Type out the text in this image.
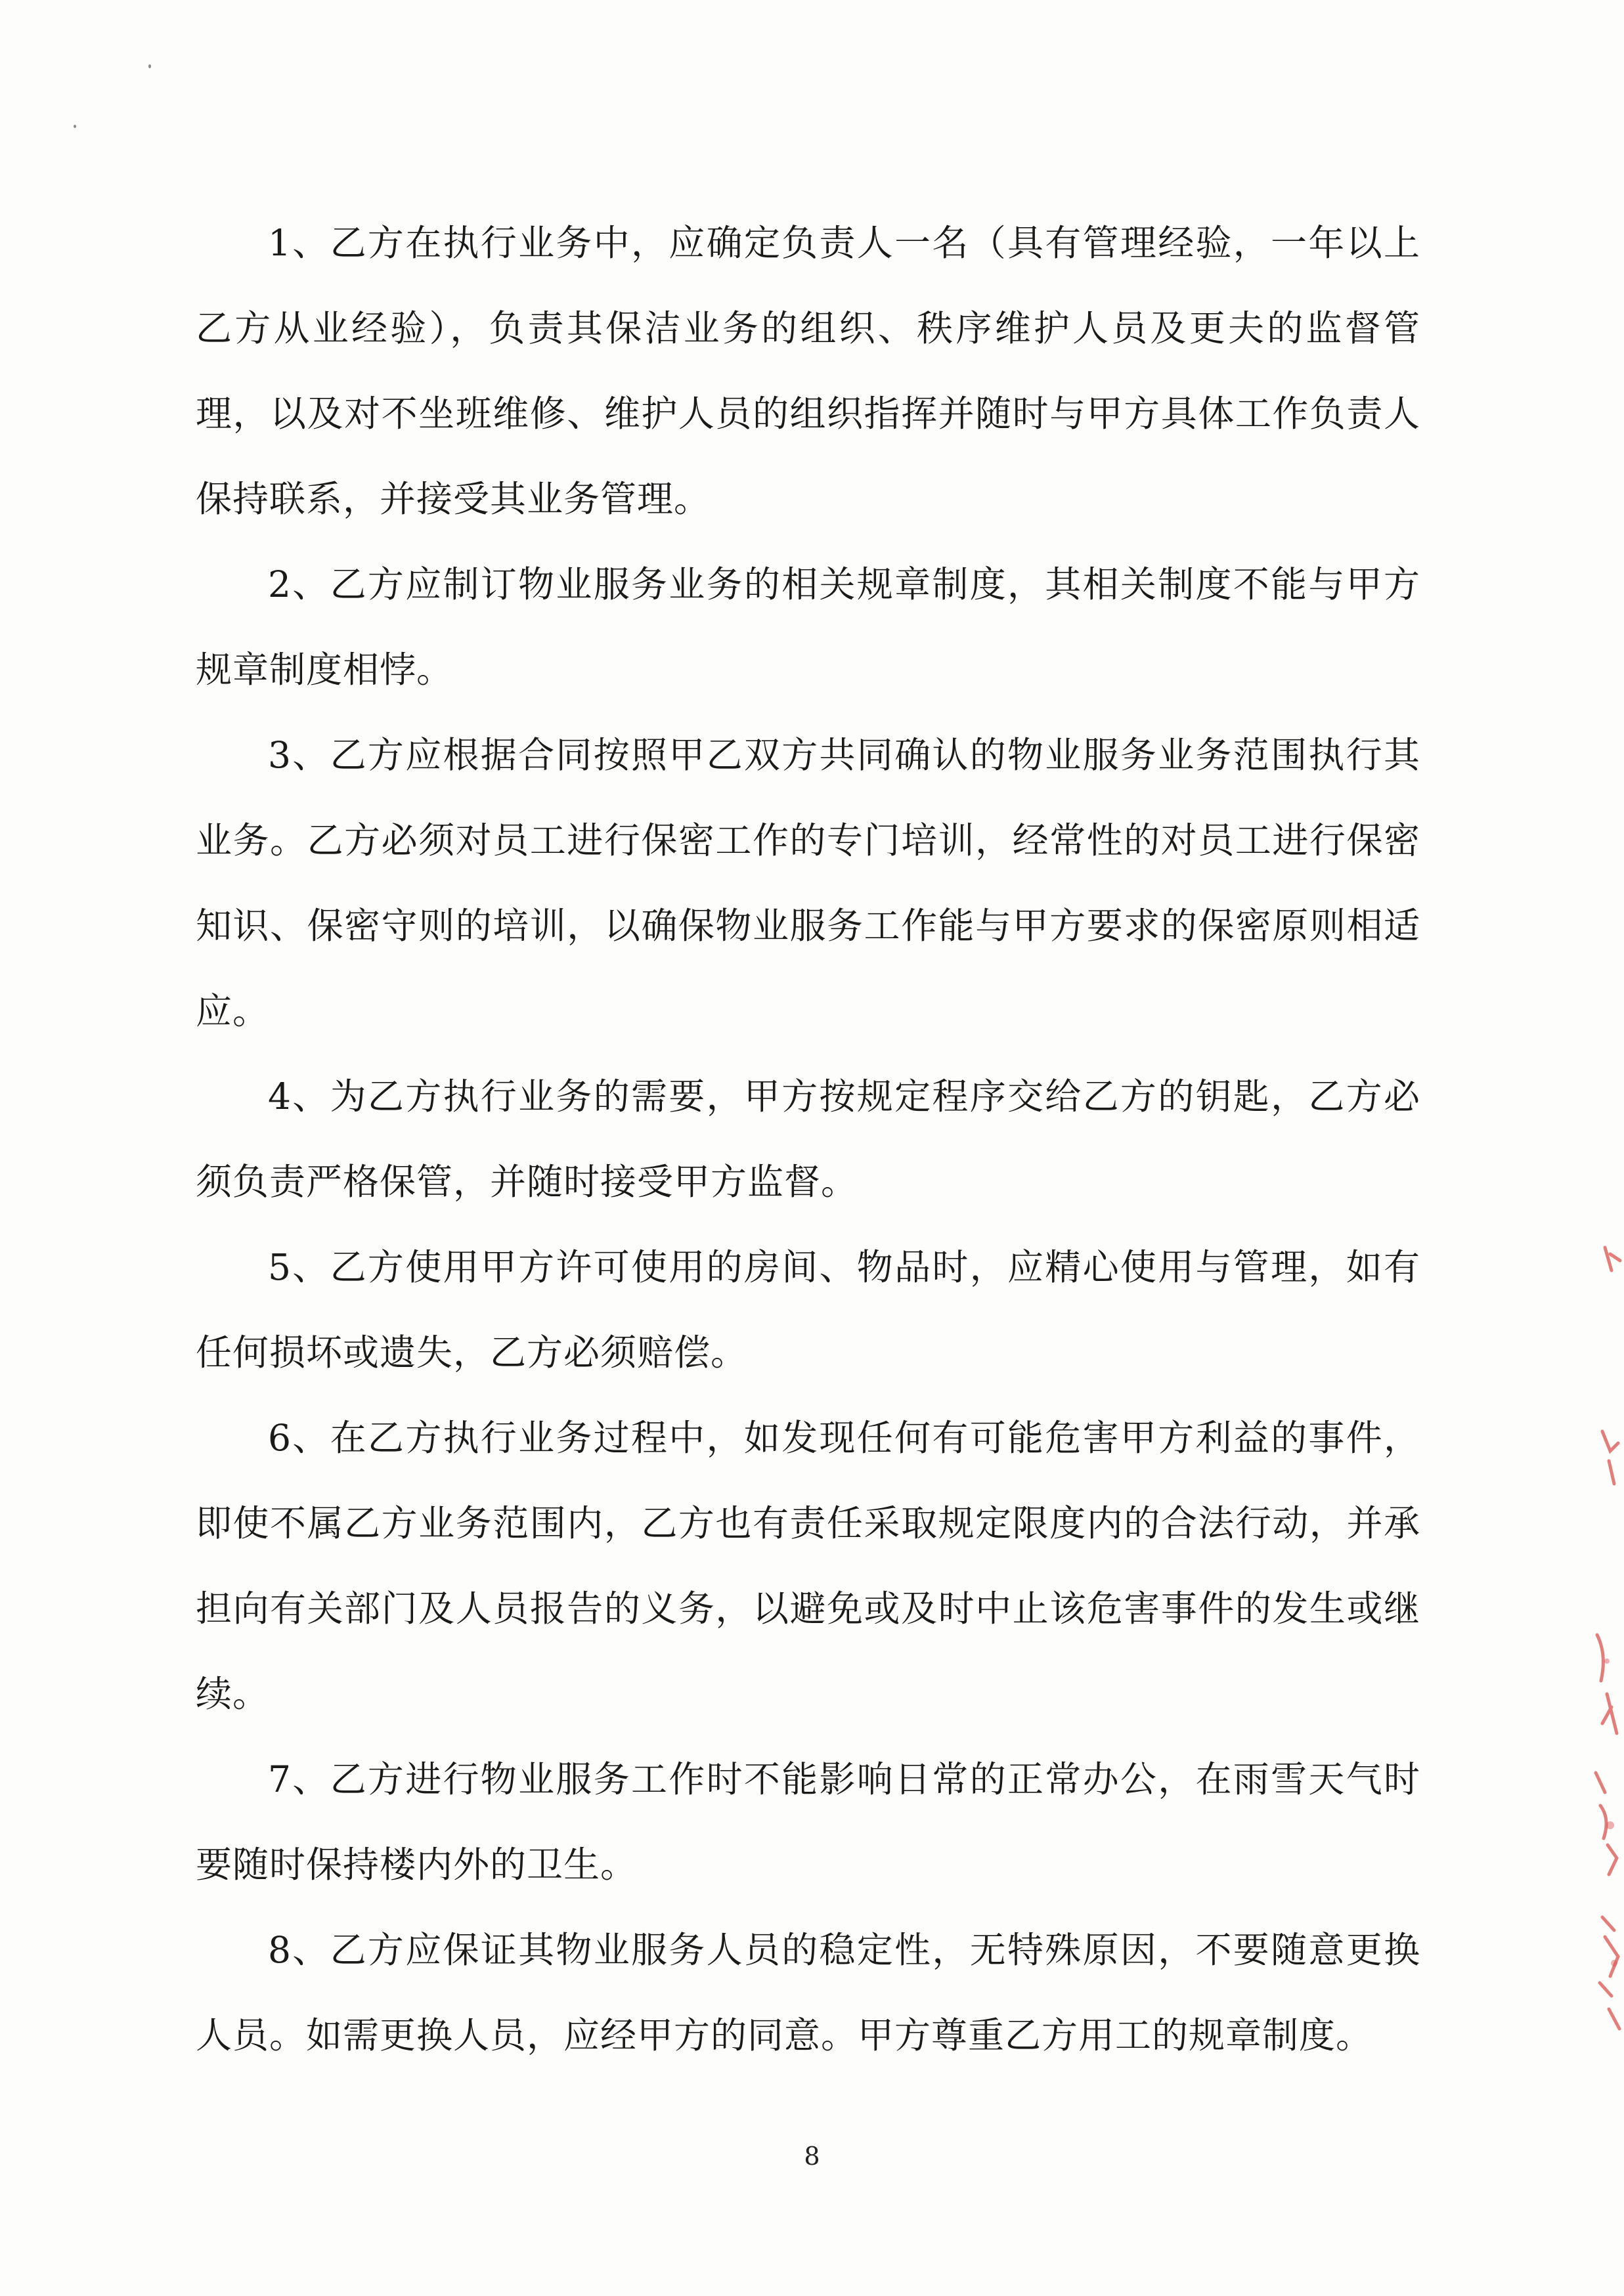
1、乙方在执行业务中，应确定负责人一名（具有管理经验，一年以上乙方从业经验），负责其保洁业务的组织、秩序维护人员及更夫的监督管理，以及对不坐班维修、维护人员的组织指挥并随时与甲方具体工作负责人保持联系，并接受其业务管理。

2、乙方应制订物业服务业务的相关规章制度，其相关制度不能与甲方规章制度相悖。

3、乙方应根据合同按照甲乙双方共同确认的物业服务业务范围执行其业务。乙方必须对员工进行保密工作的专门培训，经常性的对员工进行保密知识、保密守则的培训，以确保物业服务工作能与甲方要求的保密原则相适应。

4、为乙方执行业务的需要，甲方按规定程序交给乙方的钥匙，乙方必须负责严格保管，并随时接受甲方监督。

5、乙方使用甲方许可使用的房间、物品时，应精心使用与管理，如有任何损坏或遗失，乙方必须赔偿。

6、在乙方执行业务过程中，如发现任何有可能危害甲方利益的事件，即使不属乙方业务范围内，乙方也有责任采取规定限度内的合法行动，并承担向有关部门及人员报告的义务，以避免或及时中止该危害事件的发生或继续。

7、乙方进行物业服务工作时不能影响日常的正常办公，在雨雪天气时要随时保持楼内外的卫生。

8、乙方应保证其物业服务人员的稳定性，无特殊原因，不要随意更换人员。如需更换人员，应经甲方的同意。甲方尊重乙方用工的规章制度。

8
